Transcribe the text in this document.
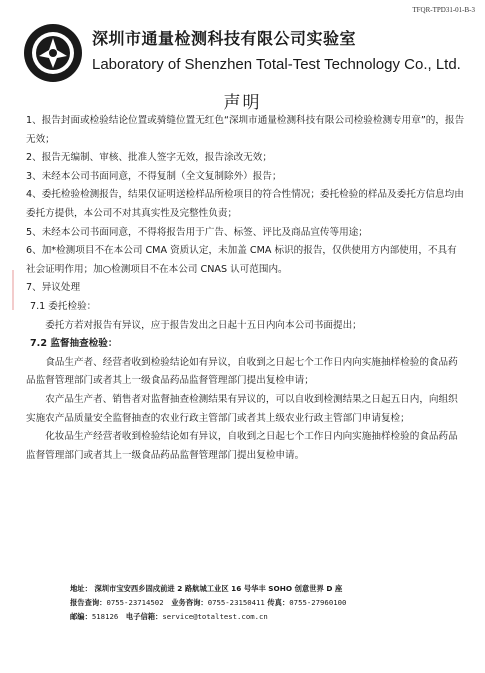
TFQR-TPD31-01-B-3
深圳市通量检测科技有限公司实验室
Laboratory of Shenzhen Total-Test Technology Co., Ltd.
声明

1、报告封面或检验结论位置或骑缝位置无红色“深圳市通量检测科技有限公司检验检测专用章”的，报告无效；

2、报告无编制、审核、批准人签字无效，报告涂改无效；

3、未经本公司书面同意，不得复制（全文复制除外）报告；

4、委托检验检测报告，结果仅证明送检样品所检项目的符合性情况；委托检验的样品及委托方信息均由委托方提供，本公司不对其真实性及完整性负责；

5、未经本公司书面同意，不得将报告用于广告、标签、评比及商品宣传等用途；

6、加*检测项目不在本公司 CMA 资质认定，未加盖 CMA 标识的报告，仅供使用方内部使用，不具有社会证明作用；加○检测项目不在本公司 CNAS 认可范围内。

7、异议处理

7.1 委托检验：

委托方若对报告有异议，应于报告发出之日起十五日内向本公司书面提出；

7.2 监督抽查检验：

食品生产者、经营者收到检验结论如有异议，自收到之日起七个工作日内向实施抽样检验的食品药品监督管理部门或者其上一级食品药品监督管理部门提出复检申请；

农产品生产者、销售者对监督抽查检测结果有异议的，可以自收到检测结果之日起五日内，向组织实施农产品质量安全监督抽查的农业行政主管部门或者其上级农业行政主管部门申请复检；

化妆品生产经营者收到检验结论如有异议，自收到之日起七个工作日内向实施抽样检验的食品药品监督管理部门或者其上一级食品药品监督管理部门提出复检申请。

地址： 深圳市宝安西乡固戍前进 2 路航城工业区 16 号华丰 SOHO 创意世界 D 座
报告查询：0755-23714502 业务咨询：0755-23150411 传真：0755-27960100
邮编：518126 电子信箱：service@totaltest.com.cn
